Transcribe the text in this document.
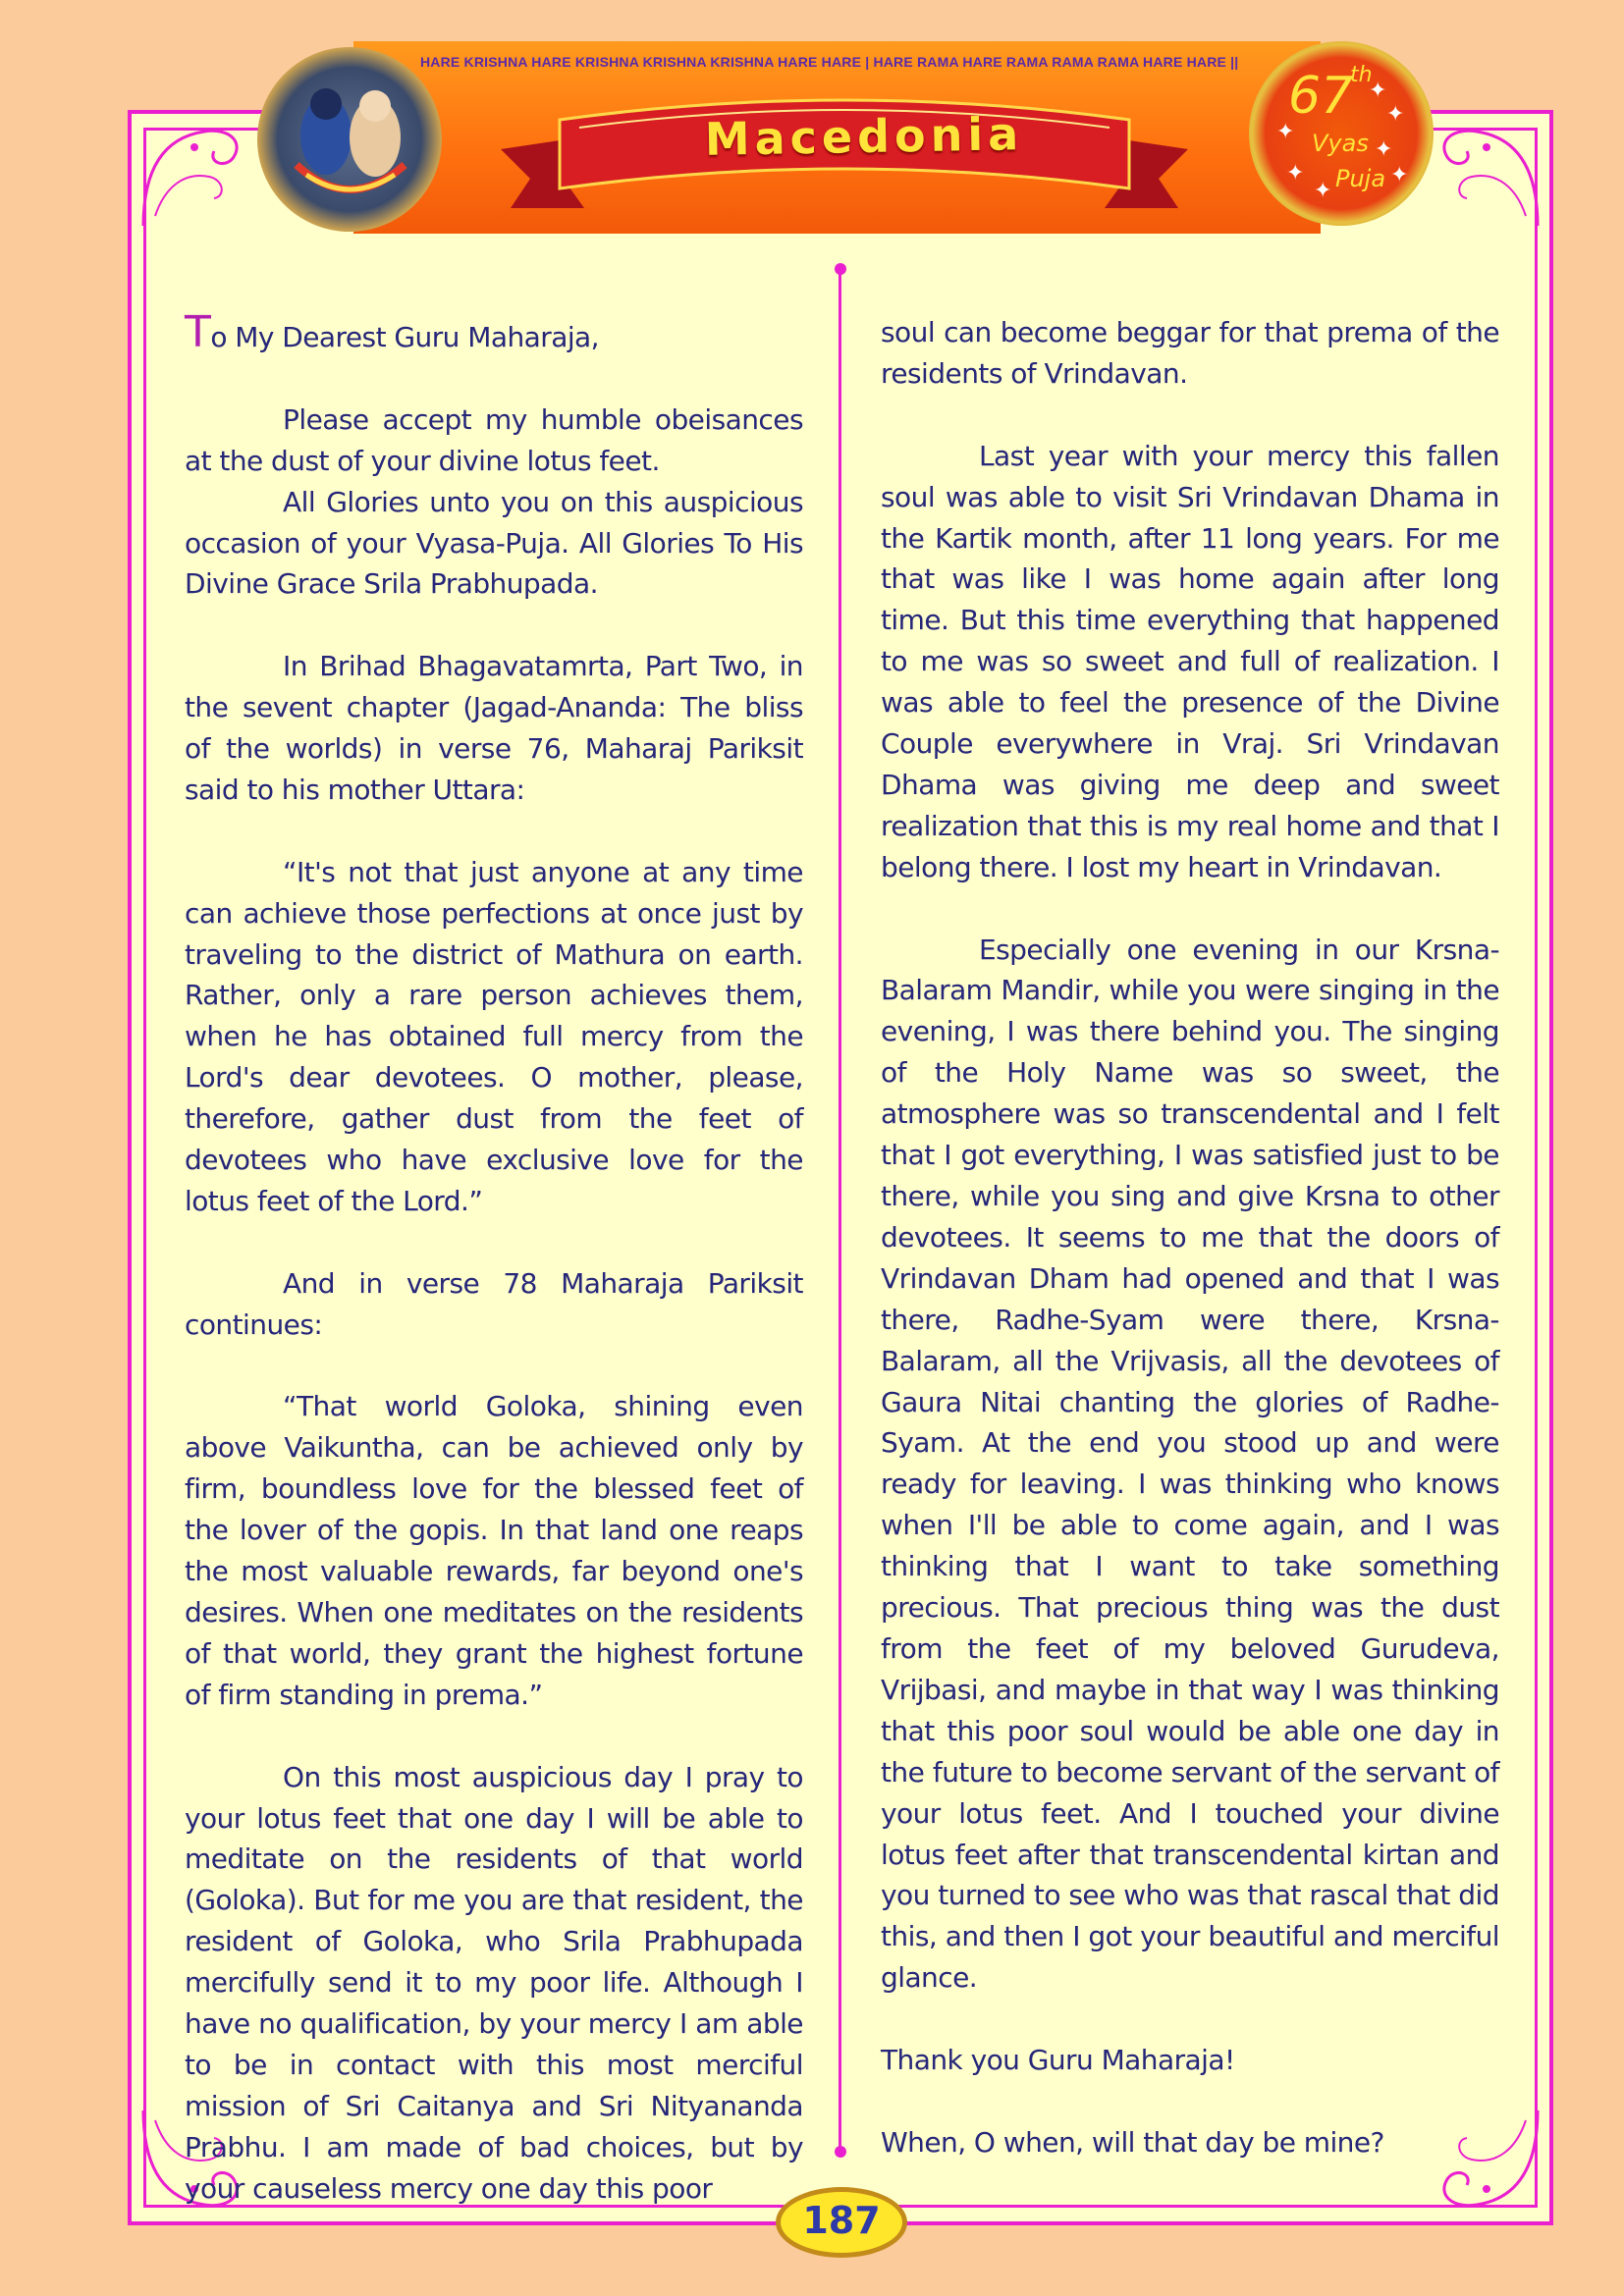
HARE KRISHNA HARE KRISHNA KRISHNA KRISHNA HARE HARE | HARE RAMA HARE RAMA RAMA RAMA HARE HARE ||
Macedonia
67
th
Vyas
Puja
✦
✦
✦
✦
✦
✦
✦

To My Dearest Guru Maharaja,

Please accept my humble obeisances at the dust of your divine lotus feet.

All Glories unto you on this auspicious occasion of your Vyasa-Puja. All Glories To His Divine Grace Srila Prabhupada.

In Brihad Bhagavatamrta, Part Two, in the sevent chapter (Jagad-Ananda: The bliss of the worlds) in verse 76, Maharaj Pariksit said to his mother Uttara:

“It's not that just anyone at any time can achieve those perfections at once just by traveling to the district of Mathura on earth. Rather, only a rare person achieves them, when he has obtained full mercy from the Lord's dear devotees. O mother, please, therefore, gather dust from the feet of devotees who have exclusive love for the lotus feet of the Lord.”

And in verse 78 Maharaja Pariksit continues:

“That world Goloka, shining even above Vaikuntha, can be achieved only by firm, boundless love for the blessed feet of the lover of the gopis. In that land one reaps the most valuable rewards, far beyond one's desires. When one meditates on the residents of that world, they grant the highest fortune of firm standing in prema.”

On this most auspicious day I pray to your lotus feet that one day I will be able to meditate on the residents of that world (Goloka). But for me you are that resident, the resident of Goloka, who Srila Prabhupada mercifully send it to my poor life. Although I have no qualification, by your mercy I am able to be in contact with this most merciful mission of Sri Caitanya and Sri Nityananda Prabhu. I am made of bad choices, but by your causeless mercy one day this poor

soul can become beggar for that prema of the residents of Vrindavan.

Last year with your mercy this fallen soul was able to visit Sri Vrindavan Dhama in the Kartik month, after 11 long years. For me that was like I was home again after long time. But this time everything that happened to me was so sweet and full of realization. I was able to feel the presence of the Divine Couple everywhere in Vraj. Sri Vrindavan Dhama was giving me deep and sweet realization that this is my real home and that I belong there. I lost my heart in Vrindavan.

Especially one evening in our Krsna-Balaram Mandir, while you were singing in the evening, I was there behind you. The singing of the Holy Name was so sweet, the atmosphere was so transcendental and I felt that I got everything, I was satisfied just to be there, while you sing and give Krsna to other devotees. It seems to me that the doors of Vrindavan Dham had opened and that I was there, Radhe-Syam were there, Krsna-Balaram, all the Vrijvasis, all the devotees of Gaura Nitai chanting the glories of Radhe-Syam. At the end you stood up and were ready for leaving. I was thinking who knows when I'll be able to come again, and I was thinking that I want to take something precious. That precious thing was the dust from the feet of my beloved Gurudeva, Vrijbasi, and maybe in that way I was thinking that this poor soul would be able one day in the future to become servant of the servant of your lotus feet. And I touched your divine lotus feet after that transcendental kirtan and you turned to see who was that rascal that did this, and then I got your beautiful and merciful glance.

Thank you Guru Maharaja!

When, O when, will that day be mine?

187
